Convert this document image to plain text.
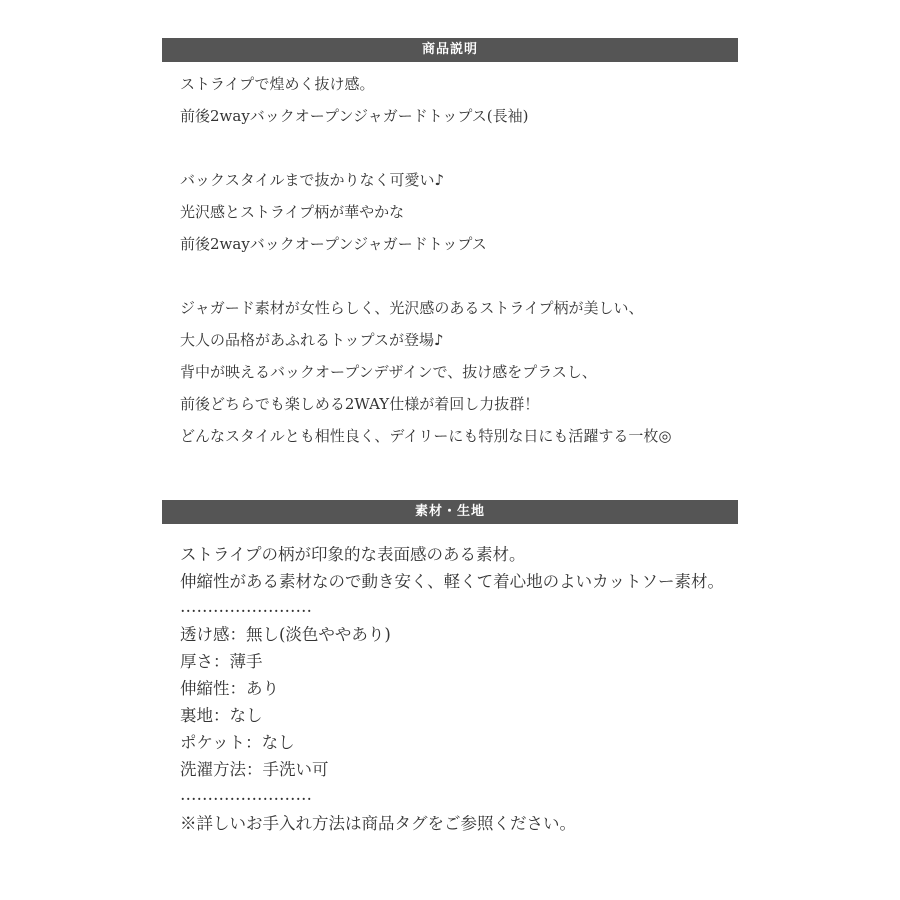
商品説明
ストライプで煌めく抜け感。
前後2wayバックオープンジャガードトップス(長袖)
バックスタイルまで抜かりなく可愛い♪
光沢感とストライプ柄が華やかな
前後2wayバックオープンジャガードトップス
ジャガード素材が女性らしく、光沢感のあるストライプ柄が美しい、
大人の品格があふれるトップスが登場♪
背中が映えるバックオープンデザインで、抜け感をプラスし、
前後どちらでも楽しめる2WAY仕様が着回し力抜群！
どんなスタイルとも相性良く、デイリーにも特別な日にも活躍する一枚◎
素材・生地
ストライプの柄が印象的な表面感のある素材。
伸縮性がある素材なので動き安く、軽くて着心地のよいカットソー素材。
……………………
透け感：無し(淡色ややあり)
厚さ：薄手
伸縮性：あり
裏地：なし
ポケット：なし
洗濯方法：手洗い可
……………………
※詳しいお手入れ方法は商品タグをご参照ください。
